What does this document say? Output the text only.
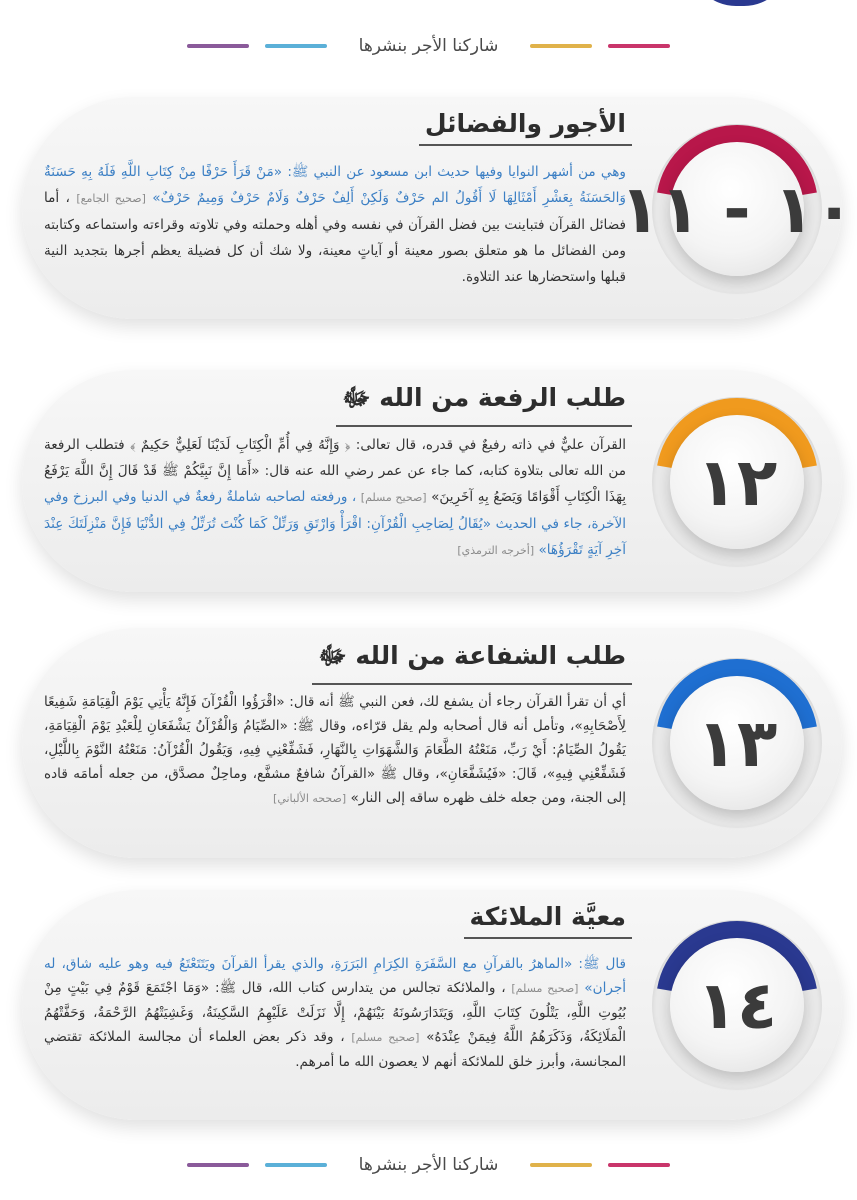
شاركنا الأجر بنشرها
الأجور والفضائل
وهي من أشهر النوايا وفيها حديث ابن مسعود عن النبي ﷺ: «مَنْ قَرَأَ حَرْفًا مِنْ كِتَابِ اللَّهِ فَلَهُ بِهِ حَسَنَةٌ وَالحَسَنَةُ بِعَشْرِ أَمْثَالِهَا لَا أَقُولُ الم حَرْفٌ وَلَكِنْ أَلِفٌ حَرْفٌ وَلَامٌ حَرْفٌ وَمِيمٌ حَرْفٌ» [صحيح الجامع] ، أما فضائل القرآن فتباينت بين فضل القرآن في نفسه وفي أهله وحملته وفي تلاوته وقراءته واستماعه وكتابته ومن الفضائل ما هو متعلق بصور معينة أو آياتٍ معينة، ولا شك أن كل فضيلة يعظم أجرها بتجديد النية قبلها واستحضارها عند التلاوة.
١٠ - ١١
طلب الرفعة من الله ﷻ
القرآن عليٌّ في ذاته رفيعٌ في قدره، قال تعالى: ﴿ وَإِنَّهُ فِي أُمِّ الْكِتَابِ لَدَيْنَا لَعَلِيٌّ حَكِيمٌ ﴾ فتطلب الرفعة من الله تعالى بتلاوة كتابه، كما جاء عن عمر رضي الله عنه قال: «أَمَا إِنَّ نَبِيَّكُمْ ﷺ قَدْ قَالَ إِنَّ اللَّهَ يَرْفَعُ بِهَذَا الْكِتَابِ أَقْوَامًا وَيَضَعُ بِهِ آخَرِينَ» [صحيح مسلم] ، ورفعته لصاحبه شاملةٌ رفعةٌ في الدنيا وفي البرزخ وفي الآخرة، جاء في الحديث «يُقَالُ لِصَاحِبِ الْقُرْآنِ: اقْرَأْ وَارْتَقِ وَرَتِّلْ كَمَا كُنْتَ تُرَتِّلُ فِي الدُّنْيَا فَإِنَّ مَنْزِلَتَكَ عِنْدَ آخِرِ آيَةٍ تَقْرَؤُهَا» [أخرجه الترمذي]
١٢
طلب الشفاعة من الله ﷻ
أي أن تقرأ القرآن رجاء أن يشفع لك، فعن النبي ﷺ أنه قال: «اقْرَؤُوا الْقُرْآنَ فَإِنَّهُ يَأْتِي يَوْمَ الْقِيَامَةِ شَفِيعًا لِأَصْحَابِهِ»، وتأمل أنه قال أصحابه ولم يقل قرّاءه، وقال ﷺ: «الصِّيَامُ وَالْقُرْآنُ يَشْفَعَانِ لِلْعَبْدِ يَوْمَ الْقِيَامَةِ، يَقُولُ الصِّيَامُ: أَيْ رَبِّ، مَنَعْتُهُ الطَّعَامَ وَالشَّهَوَاتِ بِالنَّهَارِ، فَشَفِّعْنِي فِيهِ، وَيَقُولُ الْقُرْآنُ: مَنَعْتُهُ النَّوْمَ بِاللَّيْلِ، فَشَفِّعْنِي فِيهِ»، قَالَ: «فَيُشَفَّعَانِ»، وقال ﷺ «القرآنُ شافعٌ مشفَّع، وماحِلٌ مصدَّق، من جعله أمامَه قاده إلى الجنة، ومن جعله خلف ظهره ساقه إلى النار» [صححه الألباني]
١٣
معيَّة الملائكة
قال ﷺ: «الماهرُ بالقرآنِ مع السَّفَرَةِ الكِرَامِ البَرَرَةِ، والذي يقرأ القرآنَ ويَتَتَعْتَعُ فيه وهو عليه شاق، له أجران» [صحيح مسلم] ، والملائكة تجالس من يتدارس كتاب الله، قال ﷺ: «وَمَا اجْتَمَعَ قَوْمٌ فِي بَيْتٍ مِنْ بُيُوتِ اللَّهِ، يَتْلُونَ كِتَابَ اللَّهِ، وَيَتَدَارَسُونَهُ بَيْنَهُمْ، إِلَّا نَزَلَتْ عَلَيْهِمُ السَّكِينَةُ، وَغَشِيَتْهُمُ الرَّحْمَةُ، وَحَفَّتْهُمُ الْمَلَائِكَةُ، وَذَكَرَهُمُ اللَّهُ فِيمَنْ عِنْدَهُ» [صحيح مسلم] ، وقد ذكر بعض العلماء أن مجالسة الملائكة تقتضي المجانسة، وأبرز خلق للملائكة أنهم لا يعصون الله ما أمرهم.
١٤
شاركنا الأجر بنشرها
